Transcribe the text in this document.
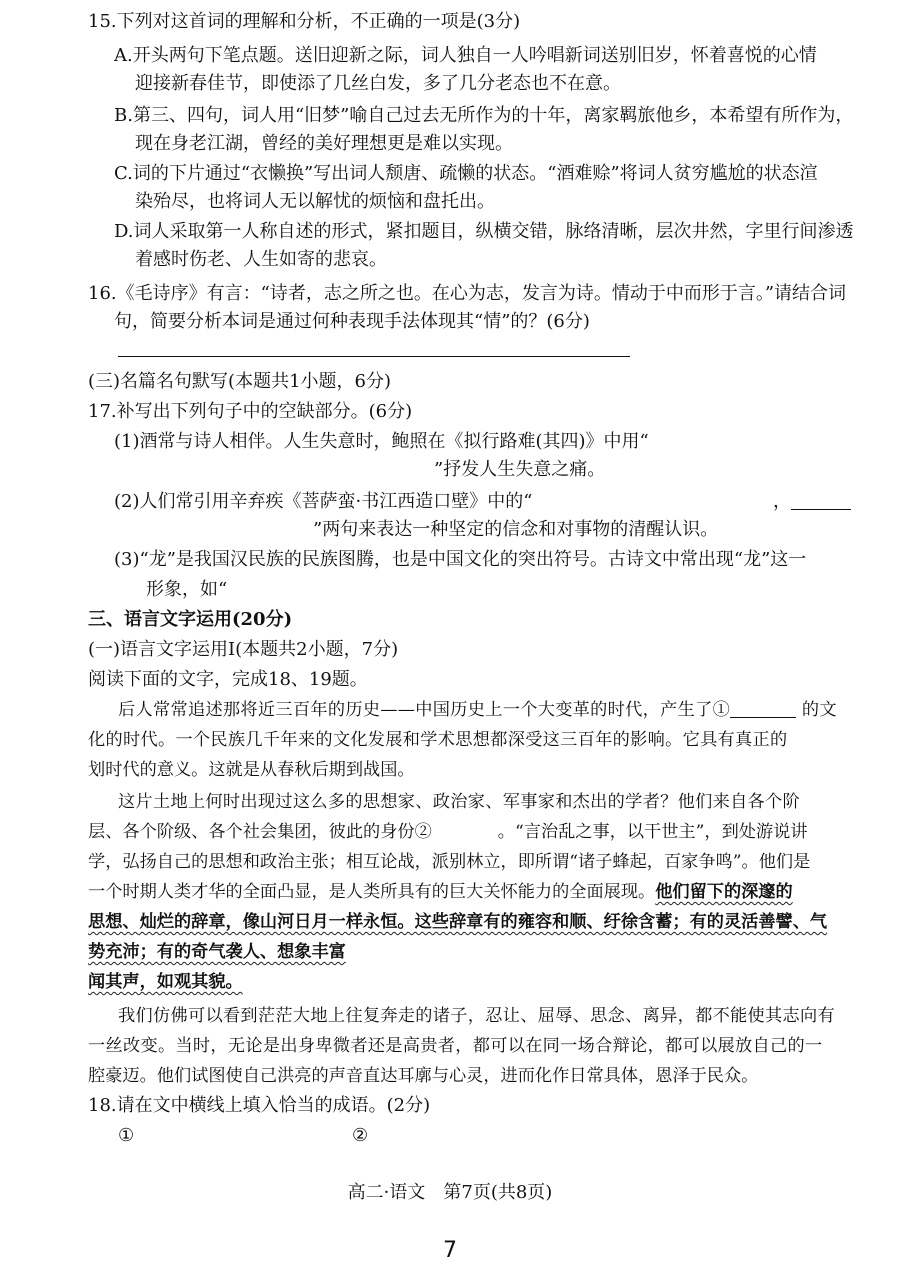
15.下列对这首词的理解和分析，不正确的一项是(3分)
A.开头两句下笔点题。送旧迎新之际，词人独自一人吟唱新词送别旧岁，怀着喜悦的心情
迎接新春佳节，即使添了几丝白发，多了几分老态也不在意。
B.第三、四句，词人用“旧梦”喻自己过去无所作为的十年，离家羁旅他乡，本希望有所作为，
现在身老江湖，曾经的美好理想更是难以实现。
C.词的下片通过“衣懒换”写出词人颓唐、疏懒的状态。“酒难赊”将词人贫穷尴尬的状态渲
染殆尽，也将词人无以解忧的烦恼和盘托出。
D.词人采取第一人称自述的形式，紧扣题目，纵横交错，脉络清晰，层次井然，字里行间渗透
着感时伤老、人生如寄的悲哀。
16.《毛诗序》有言：“诗者，志之所之也。在心为志，发言为诗。情动于中而形于言。”请结合词
句，简要分析本词是通过何种表现手法体现其“情”的？(6分)
(三)名篇名句默写(本题共1小题，6分)
17.补写出下列句子中的空缺部分。(6分)
(1)酒常与诗人相伴。人生失意时，鲍照在《拟行路难(其四)》中用“
”抒发人生失意之痛。
(2)人们常引用辛弃疾《菩萨蛮·书江西造口壁》中的“	，
”两句来表达一种坚定的信念和对事物的清醒认识。
(3)“龙”是我国汉民族的民族图腾，也是中国文化的突出符号。古诗文中常出现“龙”这一
形象，如“
三、语言文字运用(20分)
(一)语言文字运用Ⅰ(本题共2小题，7分)
阅读下面的文字，完成18、19题。
后人常常追述那将近三百年的历史——中国历史上一个大变革的时代，产生了①	的文
化的时代。一个民族几千年来的文化发展和学术思想都深受这三百年的影响。它具有真正的
划时代的意义。这就是从春秋后期到战国。
这片土地上何时出现过这么多的思想家、政治家、军事家和杰出的学者？他们来自各个阶
层、各个阶级、各个社会集团，彼此的身份②	。“言治乱之事，以干世主”，到处游说讲
学，弘扬自己的思想和政治主张；相互论战，派别林立，即所谓“诸子蜂起，百家争鸣”。他们是
一个时期人类才华的全面凸显，是人类所具有的巨大关怀能力的全面展现。他们留下的深邃的
思想、灿烂的辞章，像山河日月一样永恒。这些辞章有的雍容和顺、纡徐含蓄；有的灵活善譬、气
势充沛；有的奇气袭人、想象丰富
闻其声，如观其貌。
我们仿佛可以看到茫茫大地上往复奔走的诸子，忍让、屈辱、思念、离异，都不能使其志向有
一丝改变。当时，无论是出身卑微者还是高贵者，都可以在同一场合辩论，都可以展放自己的一
腔豪迈。他们试图使自己洪亮的声音直达耳廓与心灵，进而化作日常具体，恩泽于民众。
18.请在文中横线上填入恰当的成语。(2分)
①	②
高二·语文　第7页(共8页)
7
